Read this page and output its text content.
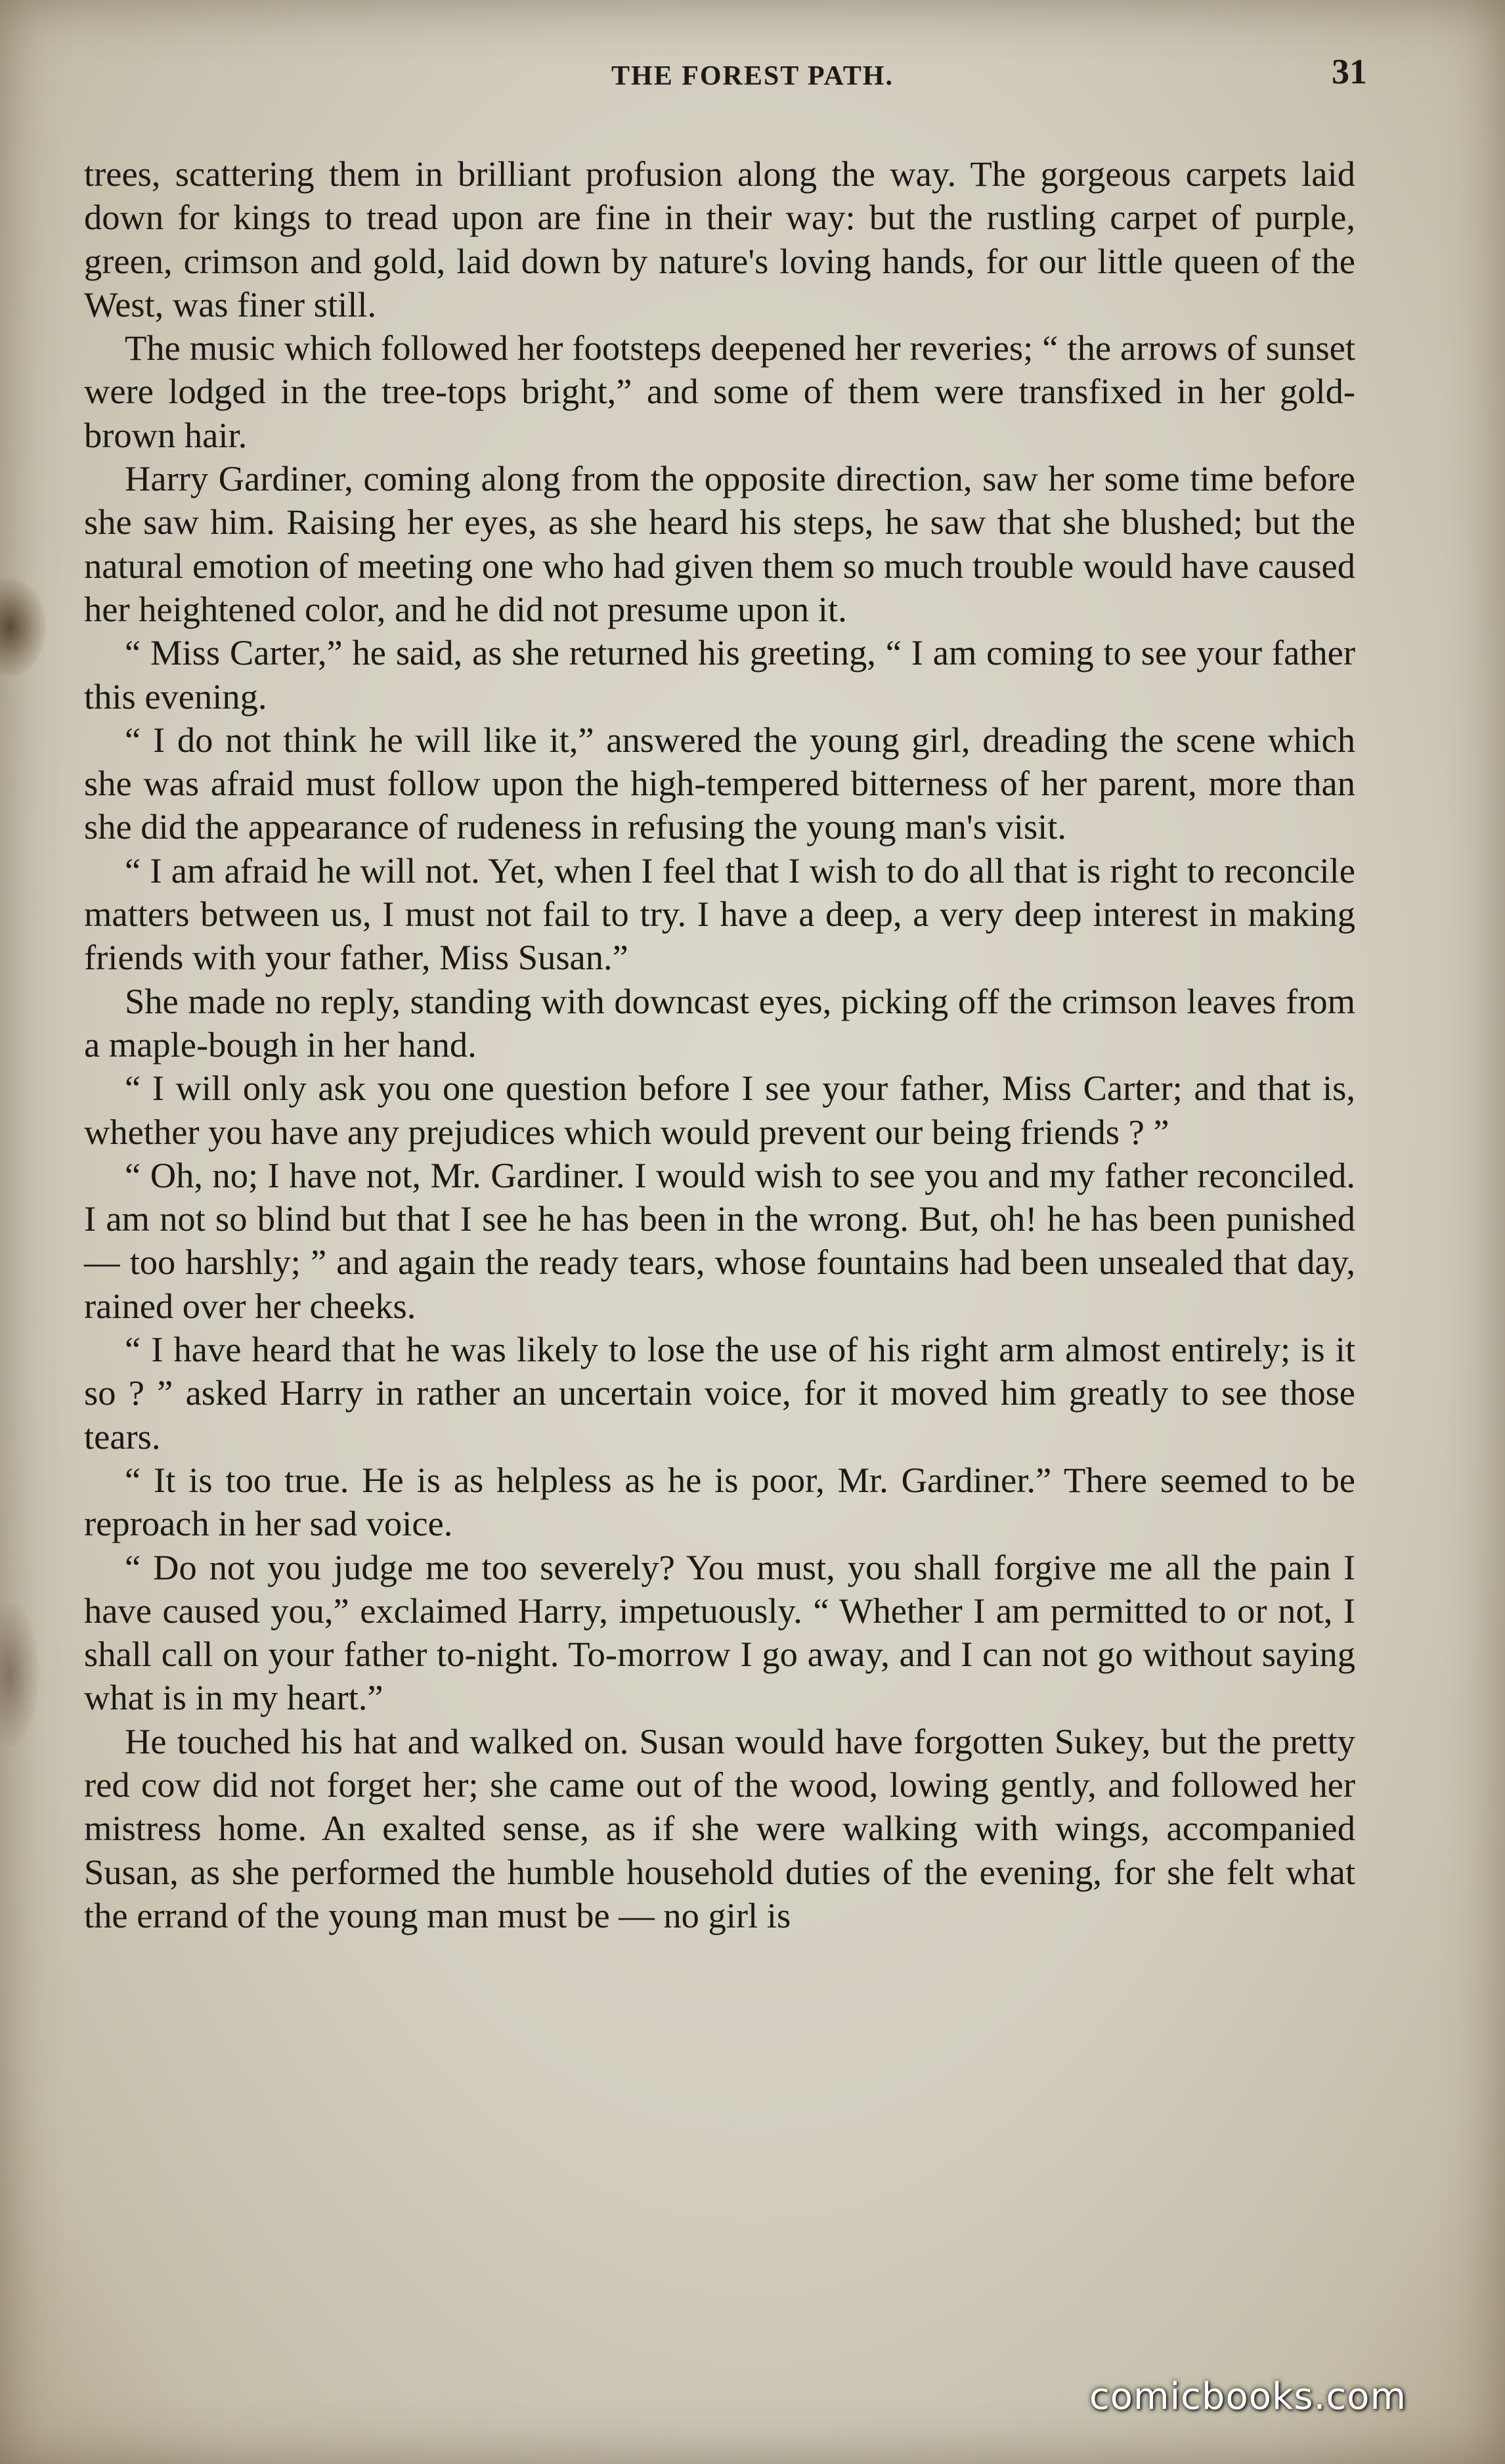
THE FOREST PATH.	31

trees, scattering them in brilliant profusion along the way. The gorgeous carpets laid down for kings to tread upon are fine in their way: but the rustling carpet of purple, green, crimson and gold, laid down by nature's loving hands, for our little queen of the West, was finer still.

The music which followed her footsteps deepened her reveries; “ the arrows of sunset were lodged in the tree-tops bright,” and some of them were transfixed in her gold-brown hair.

Harry Gardiner, coming along from the opposite direction, saw her some time before she saw him. Raising her eyes, as she heard his steps, he saw that she blushed; but the natural emotion of meeting one who had given them so much trouble would have caused her heightened color, and he did not presume upon it.

“ Miss Carter,” he said, as she returned his greeting, “ I am coming to see your father this evening.

“ I do not think he will like it,” answered the young girl, dreading the scene which she was afraid must follow upon the high-tempered bitterness of her parent, more than she did the appearance of rudeness in refusing the young man's visit.

“ I am afraid he will not. Yet, when I feel that I wish to do all that is right to reconcile matters between us, I must not fail to try. I have a deep, a very deep interest in making friends with your father, Miss Susan.”

She made no reply, standing with downcast eyes, picking off the crimson leaves from a maple-bough in her hand.

“ I will only ask you one question before I see your father, Miss Carter; and that is, whether you have any prejudices which would prevent our being friends ? ”

“ Oh, no; I have not, Mr. Gardiner. I would wish to see you and my father reconciled. I am not so blind but that I see he has been in the wrong. But, oh! he has been punished — too harshly; ” and again the ready tears, whose fountains had been unsealed that day, rained over her cheeks.

“ I have heard that he was likely to lose the use of his right arm almost entirely; is it so ? ” asked Harry in rather an uncertain voice, for it moved him greatly to see those tears.

“ It is too true. He is as helpless as he is poor, Mr. Gardiner.” There seemed to be reproach in her sad voice.

“ Do not you judge me too severely? You must, you shall forgive me all the pain I have caused you,” exclaimed Harry, impetuously. “ Whether I am permitted to or not, I shall call on your father to-night. To-morrow I go away, and I can not go without saying what is in my heart.”

He touched his hat and walked on. Susan would have forgotten Sukey, but the pretty red cow did not forget her; she came out of the wood, lowing gently, and followed her mistress home. An exalted sense, as if she were walking with wings, accompanied Susan, as she performed the humble household duties of the evening, for she felt what the errand of the young man must be — no girl is

comicbooks.com
